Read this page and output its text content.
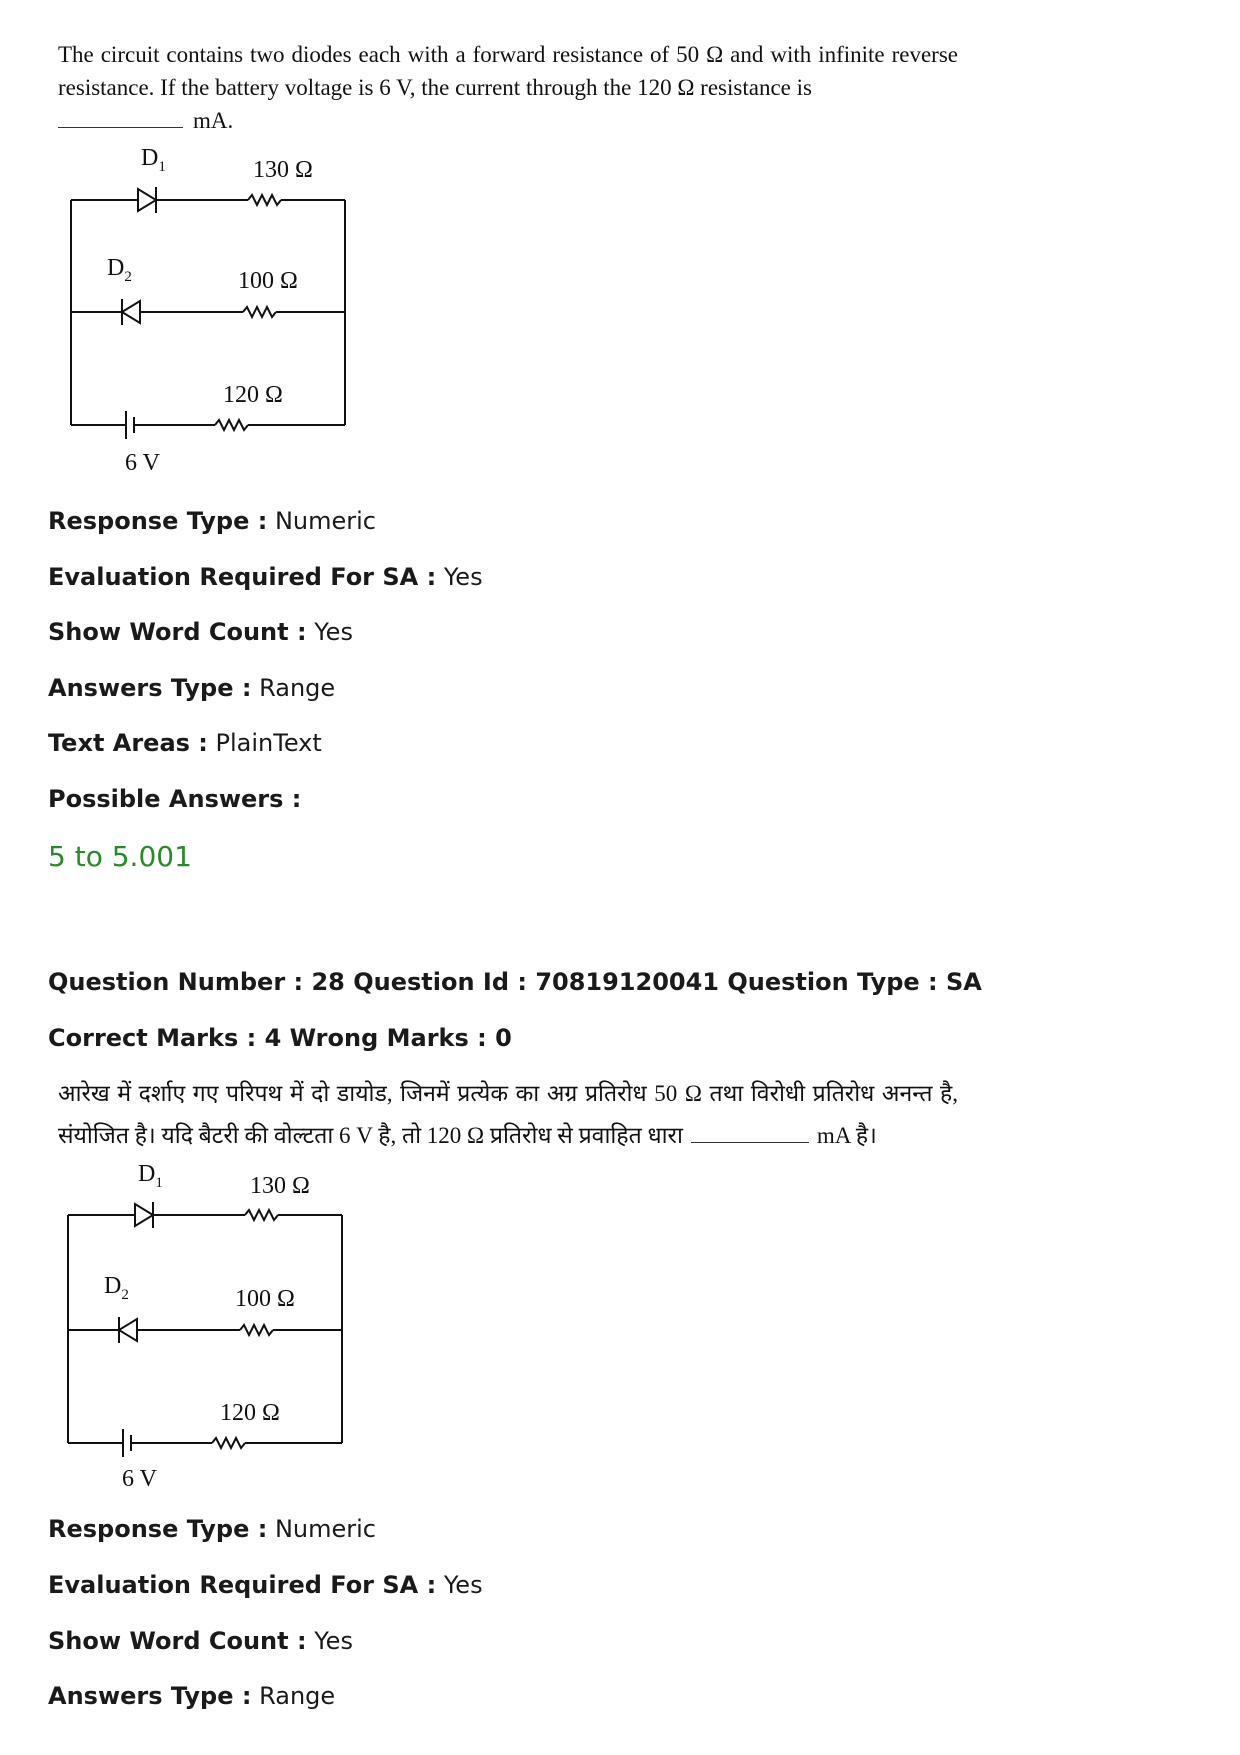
The circuit contains two diodes each with a forward resistance of 50 Ω and with infinite reverse resistance. If the battery voltage is 6 V, the current through the 120 Ω resistance is
mA.
$D_1$	130 Ω
$D_2$	100 Ω
120 Ω
6 V
Response Type : Numeric
Evaluation Required For SA : Yes
Show Word Count : Yes
Answers Type : Range
Text Areas : PlainText
Possible Answers :
5 to 5.001
Question Number : 28 Question Id : 70819120041 Question Type : SA
Correct Marks : 4 Wrong Marks : 0
आरेख में दर्शाए गए परिपथ में दो डायोड, जिनमें प्रत्येक का अग्र प्रतिरोध 50 Ω तथा विरोधी प्रतिरोध अनन्त है, संयोजित है। यदि बैटरी की वोल्टता 6 V है, तो 120 Ω प्रतिरोध से प्रवाहित धारा	mA है।
$D_1$	130 Ω
$D_2$	100 Ω
120 Ω
6 V
Response Type : Numeric
Evaluation Required For SA : Yes
Show Word Count : Yes
Answers Type : Range
